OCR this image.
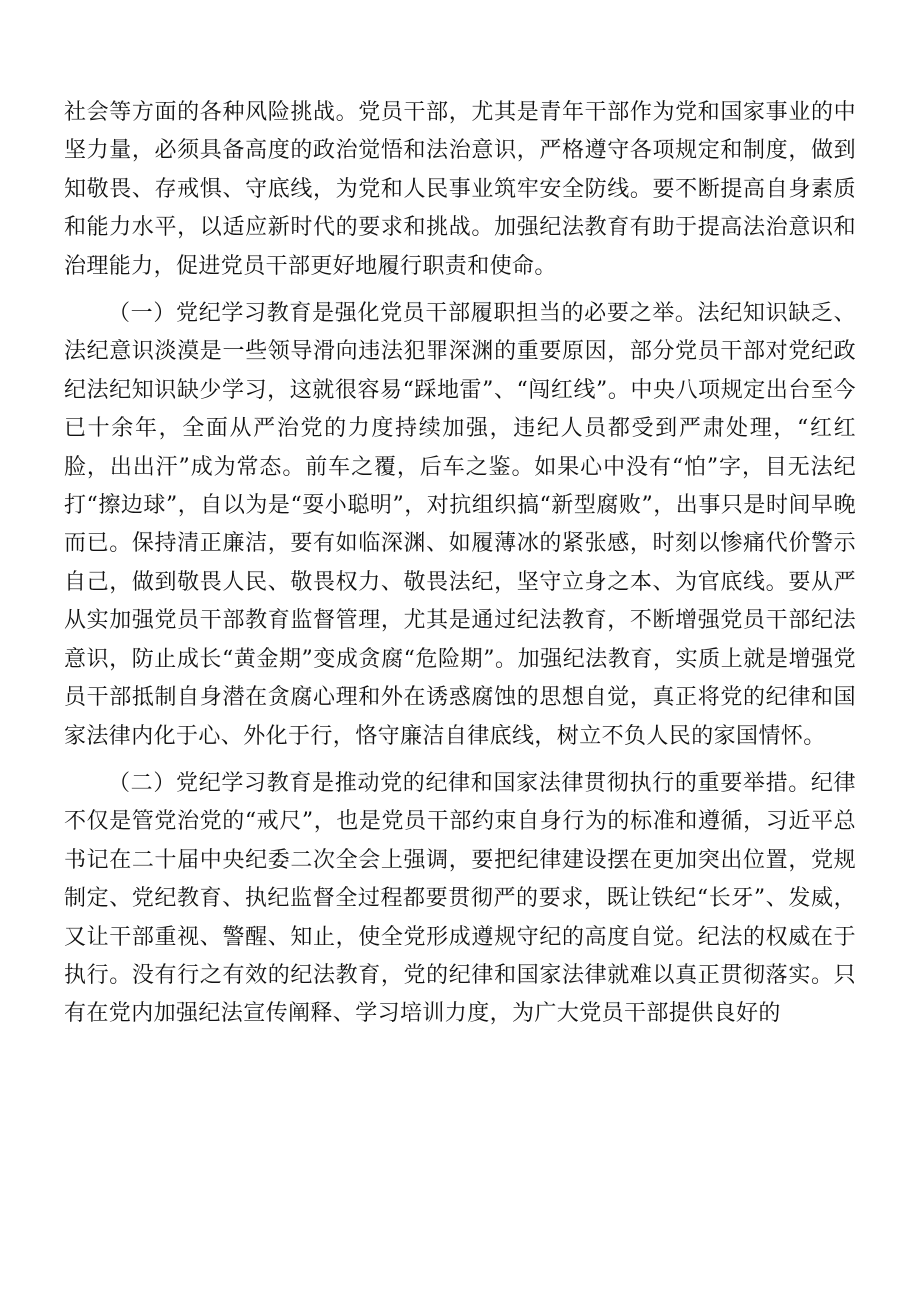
社会等方面的各种风险挑战。党员干部，尤其是青年干部作为党和国家事业的中坚力量，必须具备高度的政治觉悟和法治意识，严格遵守各项规定和制度，做到知敬畏、存戒惧、守底线，为党和人民事业筑牢安全防线。要不断提高自身素质和能力水平，以适应新时代的要求和挑战。加强纪法教育有助于提高法治意识和治理能力，促进党员干部更好地履行职责和使命。

（一）党纪学习教育是强化党员干部履职担当的必要之举。法纪知识缺乏、法纪意识淡漠是一些领导滑向违法犯罪深渊的重要原因，部分党员干部对党纪政纪法纪知识缺少学习，这就很容易“踩地雷”、“闯红线”。中央八项规定出台至今已十余年，全面从严治党的力度持续加强，违纪人员都受到严肃处理，“红红脸，出出汗”成为常态。前车之覆，后车之鉴。如果心中没有“怕”字，目无法纪打“擦边球”，自以为是“耍小聪明”，对抗组织搞“新型腐败”，出事只是时间早晚而已。保持清正廉洁，要有如临深渊、如履薄冰的紧张感，时刻以惨痛代价警示自己，做到敬畏人民、敬畏权力、敬畏法纪，坚守立身之本、为官底线。要从严从实加强党员干部教育监督管理，尤其是通过纪法教育，不断增强党员干部纪法意识，防止成长“黄金期”变成贪腐“危险期”。加强纪法教育，实质上就是增强党员干部抵制自身潜在贪腐心理和外在诱惑腐蚀的思想自觉，真正将党的纪律和国家法律内化于心、外化于行，恪守廉洁自律底线，树立不负人民的家国情怀。

（二）党纪学习教育是推动党的纪律和国家法律贯彻执行的重要举措。纪律不仅是管党治党的“戒尺”，也是党员干部约束自身行为的标准和遵循，习近平总书记在二十届中央纪委二次全会上强调，要把纪律建设摆在更加突出位置，党规制定、党纪教育、执纪监督全过程都要贯彻严的要求，既让铁纪“长牙”、发威，又让干部重视、警醒、知止，使全党形成遵规守纪的高度自觉。纪法的权威在于执行。没有行之有效的纪法教育，党的纪律和国家法律就难以真正贯彻落实。只有在党内加强纪法宣传阐释、学习培训力度，为广大党员干部提供良好的
